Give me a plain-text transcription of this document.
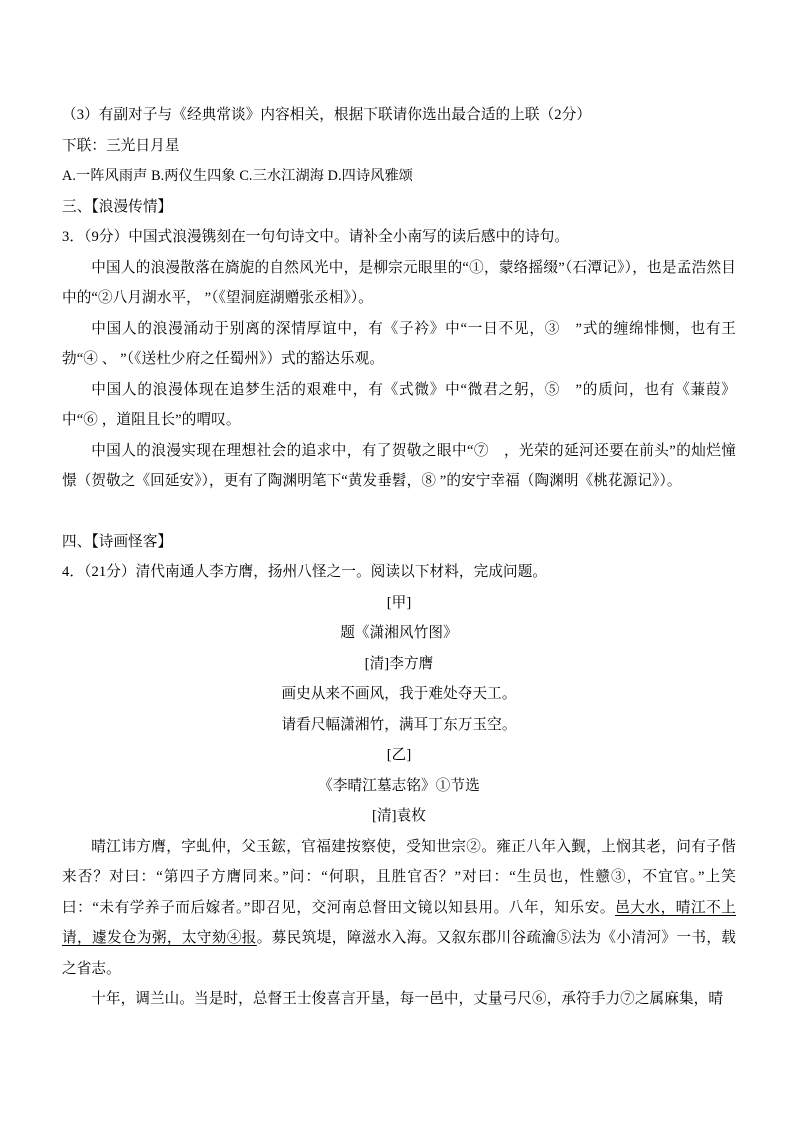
（3）有副对子与《经典常谈》内容相关，根据下联请你选出最合适的上联（2分）
下联：三光日月星
A.一阵风雨声 B.两仪生四象 C.三水江湖海 D.四诗风雅颂
三、【浪漫传情】
3．（9分）中国式浪漫镌刻在一句句诗文中。请补全小南写的读后感中的诗句。
中国人的浪漫散落在旖旎的自然风光中，是柳宗元眼里的“①，蒙络摇缀”（石潭记》），也是孟浩然目中的“②八月湖水平， ”（《望洞庭湖赠张丞相》）。
中国人的浪漫涌动于别离的深情厚谊中，有《子衿》中“一日不见，③　”式的缠绵悱恻，也有王勃“④ 、 ”（《送杜少府之任蜀州》）式的豁达乐观。
中国人的浪漫体现在追梦生活的艰难中，有《式微》中“微君之躬，⑤　”的质问，也有《蒹葭》中“⑥ ，道阻且长”的喟叹。
中国人的浪漫实现在理想社会的追求中，有了贺敬之眼中“⑦　，光荣的延河还要在前头”的灿烂憧憬（贺敬之《回延安》），更有了陶渊明笔下“黄发垂髫，⑧ ”的安宁幸福（陶渊明《桃花源记》）。
四、【诗画怪客】
4．（21分）清代南通人李方膺，扬州八怪之一。阅读以下材料，完成问题。
[甲]
题《潇湘风竹图》
[清]李方膺
画史从来不画风，我于难处夺天工。
请看尺幅潇湘竹，满耳丁东万玉空。
[乙]
《李晴江墓志铭》①节选
[清]袁枚
晴江讳方膺，字虬仲，父玉鋐，官福建按察使，受知世宗②。雍正八年入觐，上悯其老，问有子偕来否？对曰：“第四子方膺同来。”问：“何职，且胜官否？”对曰：“生员也，性戆③，不宜官。”上笑曰：“未有学养子而后嫁者。”即召见，交河南总督田文镜以知县用。八年，知乐安。邑大水，晴江不上请，遽发仓为粥，太守劾④报。募民筑堤，障滋水入海。又叙东郡川谷疏瀹⑤法为《小清河》一书，载之省志。
十年，调兰山。当是时，总督王士俊喜言开垦，每一邑中，丈量弓尺⑥，承符手力⑦之属麻集，晴
